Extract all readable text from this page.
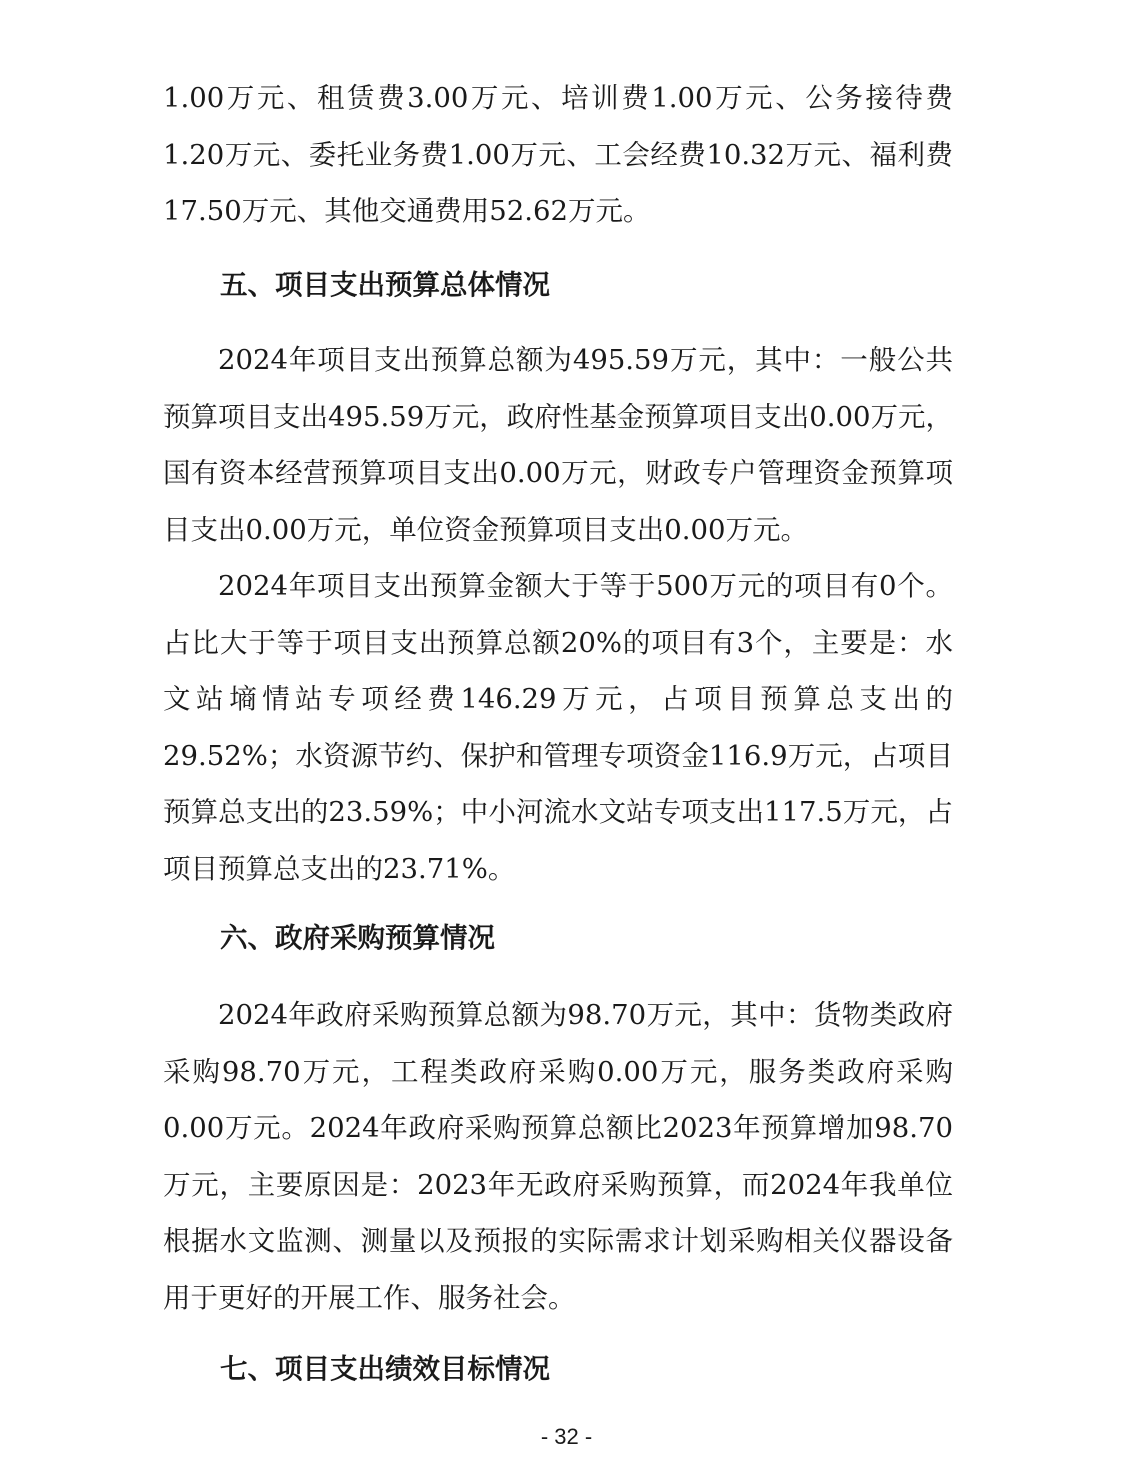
1.00万元、租赁费3.00万元、培训费1.00万元、公务接待费1.20万元、委托业务费1.00万元、工会经费10.32万元、福利费17.50万元、其他交通费用52.62万元。

五、项目支出预算总体情况

2024年项目支出预算总额为495.59万元，其中：一般公共预算项目支出495.59万元，政府性基金预算项目支出0.00万元，国有资本经营预算项目支出0.00万元，财政专户管理资金预算项目支出0.00万元，单位资金预算项目支出0.00万元。

2024年项目支出预算金额大于等于500万元的项目有0个。占比大于等于项目支出预算总额20%的项目有3个，主要是：水文站墒情站专项经费146.29万元，占项目预算总支出的29.52%；水资源节约、保护和管理专项资金116.9万元，占项目预算总支出的23.59%；中小河流水文站专项支出117.5万元，占项目预算总支出的23.71%。

六、政府采购预算情况

2024年政府采购预算总额为98.70万元，其中：货物类政府采购98.70万元，工程类政府采购0.00万元，服务类政府采购0.00万元。2024年政府采购预算总额比2023年预算增加98.70万元，主要原因是：2023年无政府采购预算，而2024年我单位根据水文监测、测量以及预报的实际需求计划采购相关仪器设备用于更好的开展工作、服务社会。

七、项目支出绩效目标情况
- 32 -
